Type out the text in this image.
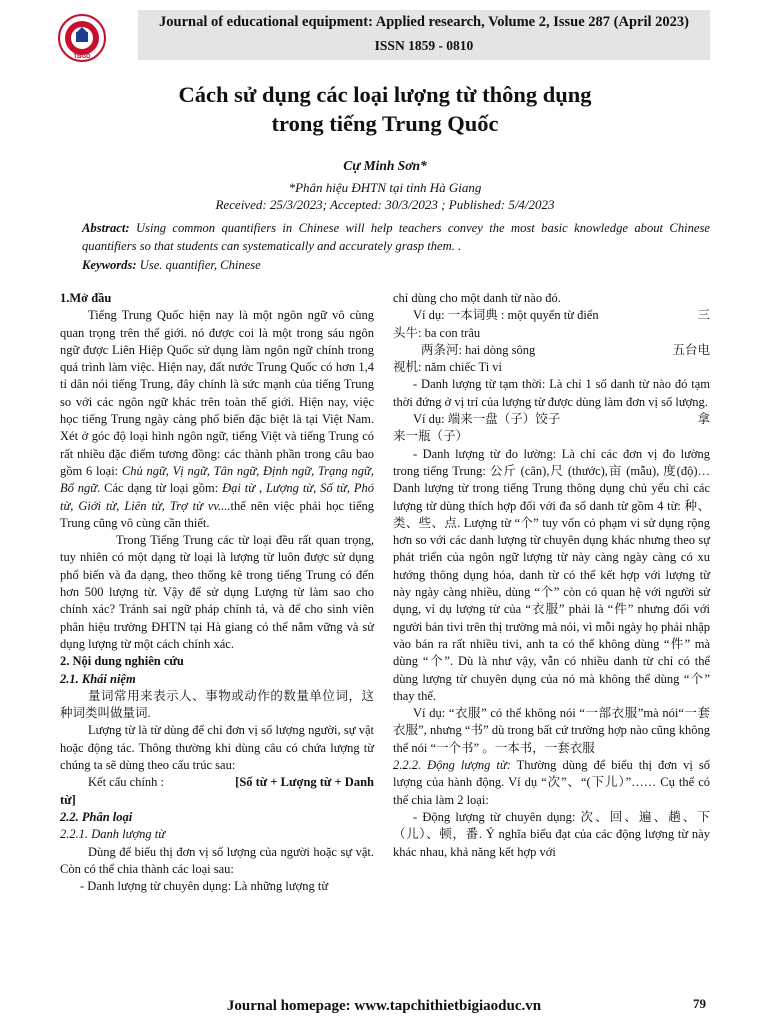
TBGD
Journal of educational equipment: Applied research, Volume 2, Issue 287 (April 2023)
ISSN 1859 - 0810
Cách sử dụng các loại lượng từ thông dụng
trong tiếng Trung Quốc
Cự Minh Sơn*
*Phân hiệu ĐHTN tại tỉnh Hà Giang
Received: 25/3/2023; Accepted: 30/3/2023 ; Published: 5/4/2023
Abstract: Using common quantifiers in Chinese will help teachers convey the most basic knowledge about Chinese quantifiers so that students can systematically and accurately grasp them. .
Keywords: Use. quantifier, Chinese

1.Mở đầu

Tiếng Trung Quốc hiện nay là một ngôn ngữ vô cùng quan trọng trên thế giới. nó được coi là một trong sáu ngôn ngữ được Liên Hiệp Quốc sử dụng làm ngôn ngữ chính trong quá trình làm việc. Hiện nay, đất nước Trung Quốc có hơn 1,4 tỉ dân nói tiếng Trung, đây chính là sức mạnh của tiếng Trung so với các ngôn ngữ khác trên toàn thế giới. Hiện nay, việc học tiếng Trung ngày càng phổ biến đặc biệt là tại Việt Nam. Xét ở góc độ loại hình ngôn ngữ, tiếng Việt và tiếng Trung có rất nhiều đặc điểm tương đồng: các thành phần trong câu bao gồm 6 loại: Chủ ngữ, Vị ngữ, Tân ngữ, Định ngữ, Trạng ngữ, Bổ ngữ. Các dạng từ loại gồm: Đại từ , Lượng từ, Số từ, Phó từ, Giới từ, Liên từ, Trợ từ vv....thế nên việc phải học tiếng Trung cũng vô cùng cần thiết.

Trong Tiếng Trung các từ loại đều rất quan trọng, tuy nhiên có một dạng từ loại là lượng từ luôn được sử dụng phổ biến và đa dạng, theo thống kê trong tiếng Trung có đến hơn 500 lượng từ. Vậy để sử dụng Lượng từ làm sao cho chính xác? Tránh sai ngữ pháp chính tả, và để cho sinh viên phân hiệu trường ĐHTN tại Hà giang có thể nắm vững và sử dụng lượng từ một cách chính xác.

2. Nội dung nghiên cứu

2.1. Khái niệm

量词常用来表示人、事物或动作的数量单位词，这种词类叫做量词.

Lượng từ là từ dùng để chỉ đơn vị số lượng người, sự vật hoặc động tác. Thông thường khi dùng câu có chứa lượng từ chúng ta sẽ dùng theo cấu trúc sau:

Kết cấu chính :	[Số từ + Lượng từ + Danh

từ]

2.2. Phân loại

2.2.1. Danh lượng từ

Dùng để biểu thị đơn vị số lượng của người hoặc sự vật. Còn có thể chia thành các loại sau:

- Danh lượng từ chuyên dụng: Là những lượng từ

chỉ dùng cho một danh từ nào đó.

Ví dụ: 一本词典 : một quyển từ điển	三

头牛: ba con trâu

两条河: hai dòng sông	五台电

视机: năm chiếc Ti vi

- Danh lượng từ tạm thời: Là chỉ 1 số danh từ nào đó tạm thời đứng ở vị trí của lượng từ được dùng làm đơn vị số lượng.

Ví dụ: 端来一盘（子）饺子	拿

来一瓶（子）

- Danh lượng từ đo lường: Là chỉ các đơn vị đo lường trong tiếng Trung: 公斤 (cân),尺 (thước),亩 (mẫu), 度(độ)…Danh lượng từ trong tiếng Trung thông dụng chủ yếu chỉ các lượng từ dùng thích hợp đối với đa số danh từ gồm 4 từ: 种、类、些、点. Lượng từ “个” tuy vốn có phạm vi sử dụng rộng hơn so với các danh lượng từ chuyên dụng khác nhưng theo sự phát triển của ngôn ngữ lượng từ này càng ngày càng có xu hướng thông dụng hóa, danh từ có thể kết hợp với lượng từ này ngày càng nhiều, dùng “个” còn có quan hệ với người sử dụng, ví dụ lượng từ của “衣服” phải là “件” nhưng đối với người bán tivi trên thị trường mà nói, vì mỗi ngày họ phải nhập vào bán ra rất nhiều tivi, anh ta có thể không dùng “件” mà dùng “个”. Dù là như vậy, vẫn có nhiều danh từ chỉ có thể dùng lượng từ chuyên dụng của nó mà không thể dùng “个” thay thế.

Ví dụ: “衣服” có thể không nói “一部衣服”mà nói“一套衣服”, nhưng “书” dù trong bất cứ trường hợp nào cũng không thể nói “一个书” 。一本书，一套衣服

2.2.2. Động lượng từ: Thường dùng để biểu thị đơn vị số lượng của hành động. Ví dụ “次”、“(下儿）”…… Cụ thể có thể chia làm 2 loại:

- Động lượng từ chuyên dụng: 次、回、遍、趟、下（儿）、顿，番. Ý nghĩa biểu đạt của các động lượng từ này khác nhau, khả năng kết hợp với

Journal homepage: www.tapchithietbigiaoduc.vn	79
